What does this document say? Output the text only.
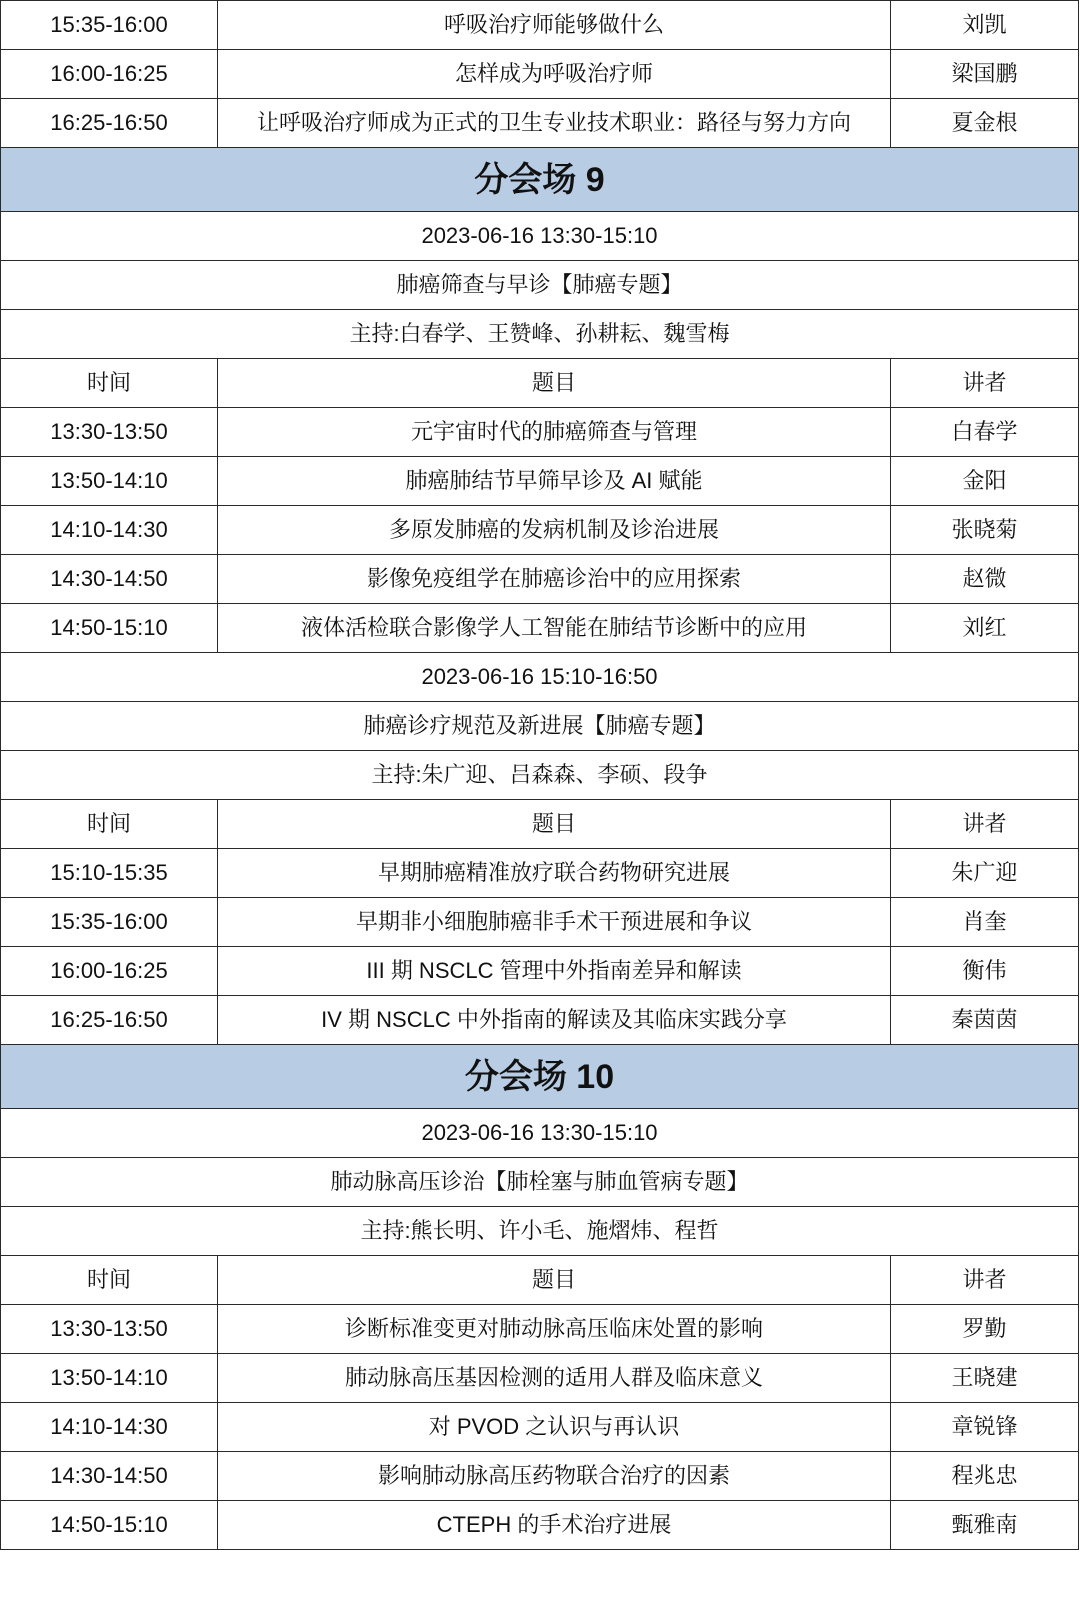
15:35-16:00	呼吸治疗师能够做什么	刘凯
16:00-16:25	怎样成为呼吸治疗师	梁国鹏
16:25-16:50	让呼吸治疗师成为正式的卫生专业技术职业：路径与努力方向	夏金根
分会场 9		
2023-06-16 13:30-15:10		
肺癌筛查与早诊【肺癌专题】		
主持:白春学、王赞峰、孙耕耘、魏雪梅		
时间	题目	讲者
13:30-13:50	元宇宙时代的肺癌筛查与管理	白春学
13:50-14:10	肺癌肺结节早筛早诊及 AI 赋能	金阳
14:10-14:30	多原发肺癌的发病机制及诊治进展	张晓菊
14:30-14:50	影像免疫组学在肺癌诊治中的应用探索	赵微
14:50-15:10	液体活检联合影像学人工智能在肺结节诊断中的应用	刘红
2023-06-16 15:10-16:50		
肺癌诊疗规范及新进展【肺癌专题】		
主持:朱广迎、吕森森、李硕、段争		
时间	题目	讲者
15:10-15:35	早期肺癌精准放疗联合药物研究进展	朱广迎
15:35-16:00	早期非小细胞肺癌非手术干预进展和争议	肖奎
16:00-16:25	III 期 NSCLC 管理中外指南差异和解读	衡伟
16:25-16:50	IV 期 NSCLC 中外指南的解读及其临床实践分享	秦茵茵
分会场 10		
2023-06-16 13:30-15:10		
肺动脉高压诊治【肺栓塞与肺血管病专题】		
主持:熊长明、许小毛、施熠炜、程哲		
时间	题目	讲者
13:30-13:50	诊断标准变更对肺动脉高压临床处置的影响	罗勤
13:50-14:10	肺动脉高压基因检测的适用人群及临床意义	王晓建
14:10-14:30	对 PVOD 之认识与再认识	章锐锋
14:30-14:50	影响肺动脉高压药物联合治疗的因素	程兆忠
14:50-15:10	CTEPH 的手术治疗进展	甄雅南
